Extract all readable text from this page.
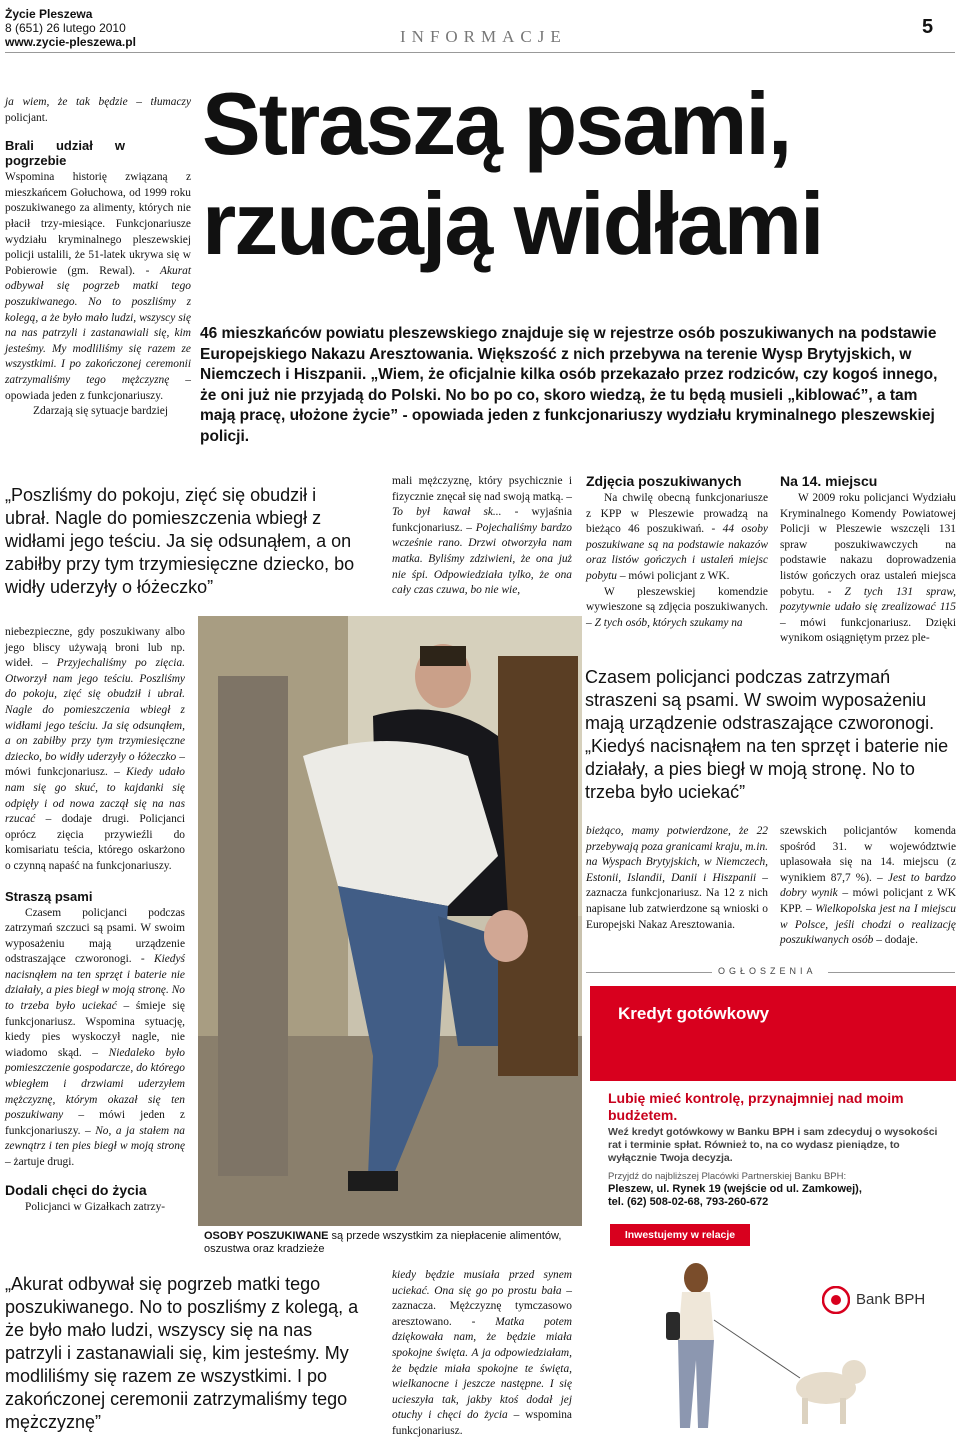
Życie Pleszewa
8 (651) 26 lutego 2010
www.zycie-pleszewa.pl	INFORMACJE	5
Straszą psami,
rzucają widłami
46 mieszkańców powiatu pleszewskiego znajduje się w rejestrze osób poszukiwanych na podstawie Europejskiego Nakazu Aresztowania. Większość z nich przebywa na terenie Wysp Brytyjskich, w Niemczech i Hiszpanii. „Wiem, że oficjalnie kilka osób przekazało przez rodziców, czy kogoś innego, że oni już nie przyjadą do Polski. No bo po co, skoro wiedzą, że tu będą musieli „kiblować”, a tam mają pracę, ułożone życie” - opowiada jeden z funkcjonariuszy wydziału kryminalnego pleszewskiej policji.

ja wiem, że tak będzie – tłumaczy policjant.

Brali udział w pogrzebie

Wspomina historię związaną z mieszkańcem Gołuchowa, od 1999 roku poszukiwanego za alimenty, których nie płacił trzy-miesiące. Funkcjonariusze wydziału kryminalnego pleszewskiej policji ustalili, że 51-latek ukrywa się w Pobierowie (gm. Rewal). - Akurat odbywał się pogrzeb matki tego poszukiwanego. No to poszliśmy z kolegą, a że było mało ludzi, wszyscy się na nas patrzyli i zastanawiali się, kim jesteśmy. My modliliśmy się razem ze wszystkimi. I po zakończonej ceremonii zatrzymaliśmy tego mężczyznę – opowiada jeden z funkcjonariuszy.

Zdarzają się sytuacje bardziej

„Poszliśmy do pokoju, zięć się obudził i ubrał. Nagle do pomieszczenia wbiegł z widłami jego teściu. Ja się odsunąłem, a on zabiłby przy tym trzymiesięczne dziecko, bo widły uderzyły o łóżeczko”

niebezpieczne, gdy poszukiwany albo jego bliscy używają broni lub np. wideł. – Przyjechaliśmy po zięcia. Otworzył nam jego teściu. Poszliśmy do pokoju, zięć się obudził i ubrał. Nagle do pomieszczenia wbiegł z widłami jego teściu. Ja się odsunąłem, a on zabiłby przy tym trzymiesięczne dziecko, bo widły uderzyły o łóżeczko – mówi funkcjonariusz. – Kiedy udało nam się go skuć, to kajdanki się odpięły i od nowa zaczął się na nas rzucać – dodaje drugi. Policjanci oprócz zięcia przywieźli do komisariatu teścia, którego oskarżono o czynną napaść na funkcjonariuszy.

Straszą psami

Czasem policjanci podczas zatrzymań szczuci są psami. W swoim wyposażeniu mają urządzenie odstraszające czworonogi. - Kiedyś nacisnąłem na ten sprzęt i baterie nie działały, a pies biegł w moją stronę. No to trzeba było uciekać – śmieje się funkcjonariusz. Wspomina sytuację, kiedy pies wyskoczył nagle, nie wiadomo skąd. – Niedaleko było pomieszczenie gospodarcze, do którego wbiegłem i drzwiami uderzyłem mężczyznę, którym okazał się ten poszukiwany – mówi jeden z funkcjonariuszy. – No, a ja stałem na zewnątrz i ten pies biegł w moją stronę – żartuje drugi.

Dodali chęci do życia

Policjanci w Gizałkach zatrzy-

mali mężczyznę, który psychicznie i fizycznie znęcał się nad swoją matką. – To był kawał sk... - wyjaśnia funkcjonariusz. – Pojechaliśmy bardzo wcześnie rano. Drzwi otworzyła nam matka. Byliśmy zdziwieni, że ona już nie śpi. Odpowiedziała tylko, że ona cały czas czuwa, bo nie wie,

Zdjęcia poszukiwanych

Na chwilę obecną funkcjonariusze z KPP w Pleszewie prowadzą na bieżąco 46 poszukiwań. - 44 osoby poszukiwane są na podstawie nakazów oraz listów gończych i ustaleń miejsc pobytu – mówi policjant z WK.

W pleszewskiej komendzie wywieszone są zdjęcia poszukiwanych. – Z tych osób, których szukamy na

Na 14. miejscu

W 2009 roku policjanci Wydziału Kryminalnego Komendy Powiatowej Policji w Pleszewie wszczęli 131 spraw poszukiwawczych na podstawie nakazu doprowadzenia listów gończych oraz ustaleń miejsca pobytu. - Z tych 131 spraw, pozytywnie udało się zrealizować 115 – mówi funkcjonariusz. Dzięki wynikom osiągniętym przez ple-

Czasem policjanci podczas zatrzymań straszeni są psami. W swoim wyposażeniu mają urządzenie odstraszające czworonogi. „Kiedyś nacisnąłem na ten sprzęt i baterie nie działały, a pies biegł w moją stronę. No to trzeba było uciekać”

bieżąco, mamy potwierdzone, że 22 przebywają poza granicami kraju, m.in. na Wyspach Brytyjskich, w Niemczech, Estonii, Islandii, Danii i Hiszpanii – zaznacza funkcjonariusz. Na 12 z nich napisane lub zatwierdzone są wnioski o Europejski Nakaz Aresztowania.

szewskich policjantów komenda spośród 31. w województwie uplasowała się na 14. miejscu (z wynikiem 87,7 %). – Jest to bardzo dobry wynik – mówi policjant z WK KPP. – Wielkopolska jest na I miejscu w Polsce, jeśli chodzi o realizację poszukiwanych osób – dodaje.

OSOBY POSZUKIWANE są przede wszystkim za niepłacenie alimentów, oszustwa oraz kradzieże
OGŁOSZENIA
Kredyt gotówkowy
Lubię mieć kontrolę, przynajmniej nad moim budżetem.
Weź kredyt gotówkowy w Banku BPH i sam zdecyduj o wysokości rat i terminie spłat. Również to, na co wydasz pieniądze, to wyłącznie Twoja decyzja.
Przyjdź do najbliższej Placówki Partnerskiej Banku BPH:
Pleszew, ul. Rynek 19 (wejście od ul. Zamkowej),
tel. (62) 508-02-68, 793-260-672
Inwestujemy w relacje
Bank BPH
„Akurat odbywał się pogrzeb matki tego poszukiwanego. No to poszliśmy z kolegą, a że było mało ludzi, wszyscy się na nas patrzyli i zastanawiali się, kim jesteśmy. My modliliśmy się razem ze wszystkimi. I po zakończonej ceremonii zatrzymaliśmy tego mężczyznę”

kiedy będzie musiała przed synem uciekać. Ona się go po prostu bała – zaznacza. Mężczyznę tymczasowo aresztowano. - Matka potem dziękowała nam, że będzie miała spokojne święta. A ja odpowiedziałam, że będzie miała spokojne te święta, wielkanocne i jeszcze następne. I się ucieszyła tak, jakby ktoś dodał jej otuchy i chęci do życia – wspomina funkcjonariusz.
